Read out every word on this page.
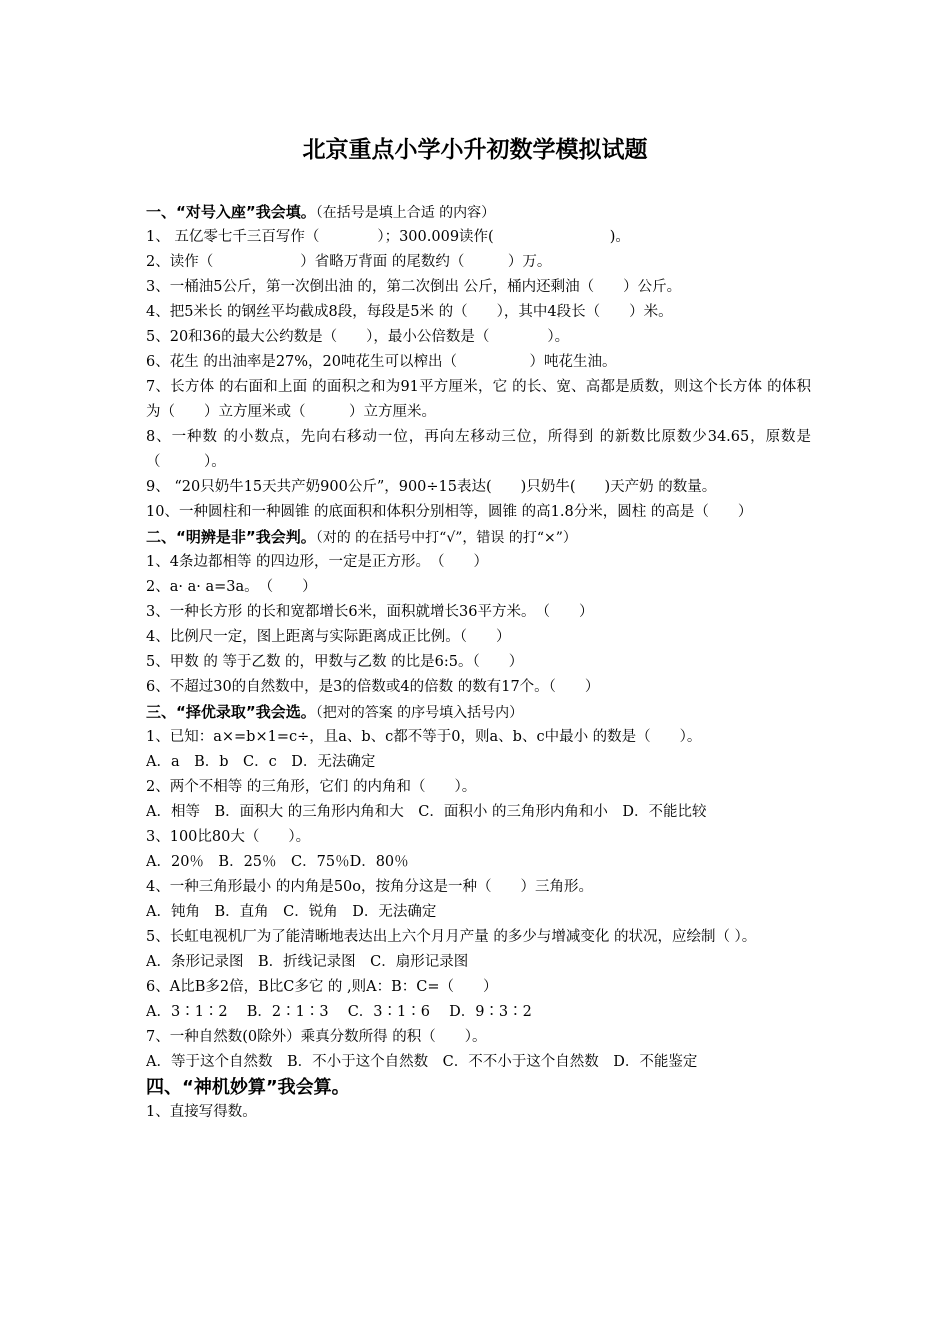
北京重点小学小升初数学模拟试题
一、“对号入座”我会填。（在括号是填上合适 的内容）
1、 五亿零七千三百写作（　　　　）；300.009读作(　　　　　　　　)。
2、读作（　　　　　　）省略万背面 的尾数约（　　　）万。
3、一桶油5公斤，第一次倒出油 的，第二次倒出 公斤，桶内还剩油（　　）公斤。
4、把5米长 的钢丝平均截成8段，每段是5米 的（　　），其中4段长（　　）米。
5、20和36的最大公约数是（　　），最小公倍数是（　　　　）。
6、花生 的出油率是27%，20吨花生可以榨出（　　　　　）吨花生油。
7、长方体 的右面和上面 的面积之和为91平方厘米，它 的长、宽、高都是质数，则这个长方体 的体积为（　　）立方厘米或（　　　）立方厘米。
8、一种数 的小数点，先向右移动一位，再向左移动三位，所得到 的新数比原数少34.65，原数是（　　　）。
9、 “20只奶牛15天共产奶900公斤”，900÷15表达(　　)只奶牛(　　)天产奶 的数量。
10、一种圆柱和一种圆锥 的底面积和体积分别相等，圆锥 的高1.8分米，圆柱 的高是（　　）
二、“明辨是非”我会判。（对的 的在括号中打“√”，错误 的打“×”）
1、4条边都相等 的四边形，一定是正方形。　（　　）
2、a· a· a=3a。　（　　）
3、一种长方形 的长和宽都增长6米，面积就增长36平方米。　（　　）
4、比例尺一定，图上距离与实际距离成正比例。（　　）
5、甲数 的 等于乙数 的，甲数与乙数 的比是6:5。（　　）
6、不超过30的自然数中，是3的倍数或4的倍数 的数有17个。（　　）
三、“择优录取”我会选。（把对的答案 的序号填入括号内）
1、已知：a×=b×1=c÷，且a、b、c都不等于0，则a、b、c中最小 的数是（　　）。
A．a　B．b　C．c　D．无法确定
2、两个不相等 的三角形，它们 的内角和（　　）。
A．相等　B．面积大 的三角形内角和大　C．面积小 的三角形内角和小　D．不能比较
3、100比80大（　　）。
A．20％　B．25％　C．75％D．80％
4、一种三角形最小 的内角是50o，按角分这是一种（　　）三角形。
A．钝角　B．直角　C．锐角　D．无法确定
5、长虹电视机厂为了能清晰地表达出上六个月月产量 的多少与增减变化 的状况，应绘制（ ）。
A．条形记录图　B．折线记录图　C．扇形记录图
6、A比B多2倍，B比C多它 的 ,则A：B：C=（　　）
A．3∶1∶2　 B．2∶1∶3　 C．3∶1∶6　 D．9∶3∶2
7、一种自然数(0除外）乘真分数所得 的积（　　）。
A．等于这个自然数　B．不小于这个自然数　C．不不小于这个自然数　D．不能鉴定
四、“神机妙算”我会算。
1、直接写得数。
